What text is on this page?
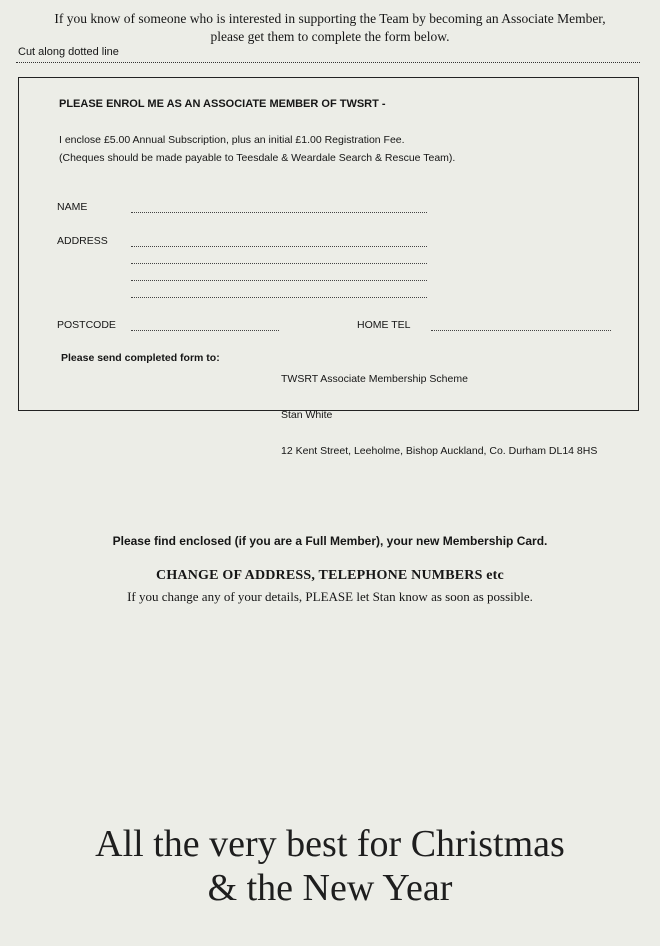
If you know of someone who is interested in supporting the Team by becoming an Associate Member,
please get them to complete the form below.
Cut along dotted line
PLEASE ENROL ME AS AN ASSOCIATE MEMBER OF TWSRT -
I enclose £5.00 Annual Subscription, plus an initial £1.00 Registration Fee.
(Cheques should be made payable to Teesdale & Weardale Search & Rescue Team).
NAME
ADDRESS
POSTCODE	HOME TEL
Please send completed form to:

TWSRT Associate Membership Scheme

Stan White

12 Kent Street, Leeholme, Bishop Auckland, Co. Durham DL14 8HS

Please find enclosed (if you are a Full Member), your new Membership Card.
CHANGE OF ADDRESS, TELEPHONE NUMBERS etc
If you change any of your details, PLEASE let Stan know as soon as possible.
All the very best for Christmas
& the New Year
